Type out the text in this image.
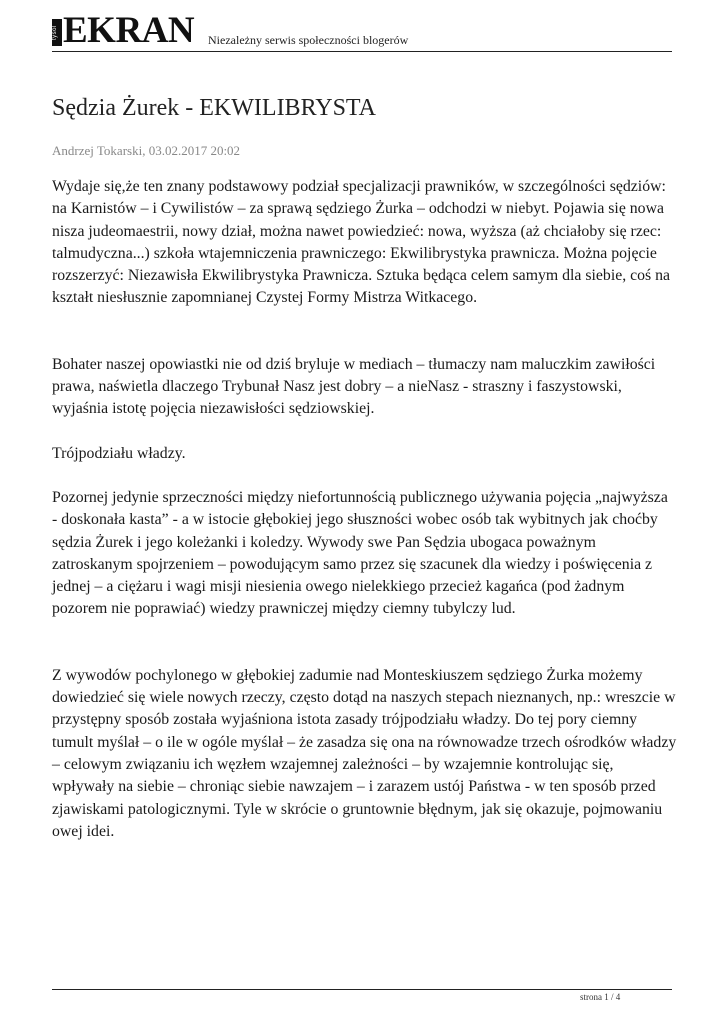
tysol EKRAN Niezależny serwis społeczności blogerów
Sędzia Żurek - EKWILIBRYSTA
Andrzej Tokarski, 03.02.2017 20:02

Wydaje się,że ten znany podstawowy podział specjalizacji prawników, w szczególności sędziów: na Karnistów – i Cywilistów – za sprawą sędziego Żurka – odchodzi w niebyt. Pojawia się nowa nisza judeomaestrii, nowy dział, można nawet powiedzieć: nowa, wyższa (aż chciałoby się rzec: talmudyczna...) szkoła wtajemniczenia prawniczego: Ekwilibrystyka prawnicza. Można pojęcie rozszerzyć: Niezawisła Ekwilibrystyka Prawnicza. Sztuka będąca celem samym dla siebie, coś na kształt niesłusznie zapomnianej Czystej Formy Mistrza Witkacego.

Bohater naszej opowiastki nie od dziś bryluje w mediach – tłumaczy nam maluczkim zawiłości prawa, naświetla dlaczego Trybunał Nasz jest dobry – a nieNasz - straszny i faszystowski, wyjaśnia istotę pojęcia niezawisłości sędziowskiej.

Trójpodziału władzy.

Pozornej jedynie sprzeczności między niefortunnością publicznego używania pojęcia „najwyższa - doskonała kasta” - a w istocie głębokiej jego słuszności wobec osób tak wybitnych jak choćby sędzia Żurek i jego koleżanki i koledzy. Wywody swe Pan Sędzia ubogaca poważnym zatroskanym spojrzeniem – powodującym samo przez się szacunek dla wiedzy i poświęcenia z jednej – a ciężaru i wagi misji niesienia owego nielekkiego przecież kagańca (pod żadnym pozorem nie poprawiać) wiedzy prawniczej między ciemny tubylczy lud.

Z wywodów pochylonego w głębokiej zadumie nad Monteskiuszem sędziego Żurka możemy dowiedzieć się wiele nowych rzeczy, często dotąd na naszych stepach nieznanych, np.: wreszcie w przystępny sposób została wyjaśniona istota zasady trójpodziału władzy. Do tej pory ciemny tumult myślał – o ile w ogóle myślał – że zasadza się ona na równowadze trzech ośrodków władzy – celowym związaniu ich węzłem wzajemnej zależności – by wzajemnie kontrolując się, wpływały na siebie – chroniąc siebie nawzajem – i zarazem ustój Państwa - w ten sposób przed zjawiskami patologicznymi. Tyle w skrócie o gruntownie błędnym, jak się okazuje, pojmowaniu owej idei.

strona 1 / 4
